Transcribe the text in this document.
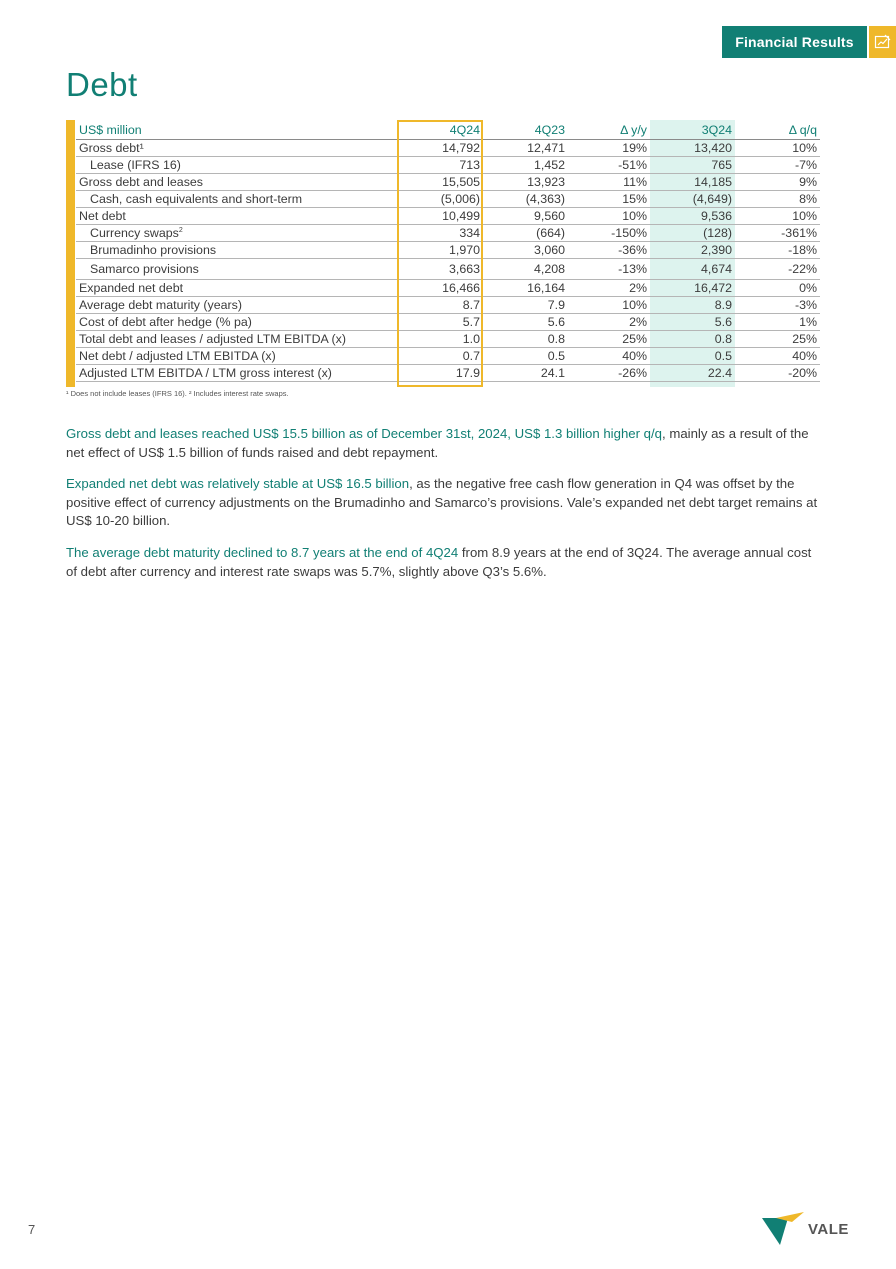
Financial Results
Debt
US$ million	4Q24	4Q23	Δ y/y	3Q24	Δ q/q
Gross debt¹	14,792	12,471	19%	13,420	10%
Lease (IFRS 16)	713	1,452	-51%	765	-7%
Gross debt and leases	15,505	13,923	11%	14,185	9%
Cash, cash equivalents and short-term	(5,006)	(4,363)	15%	(4,649)	8%
Net debt	10,499	9,560	10%	9,536	10%
Currency swaps$^2$	334	(664)	-150%	(128)	-361%
Brumadinho provisions	1,970	3,060	-36%	2,390	-18%
Samarco provisions	3,663	4,208	-13%	4,674	-22%
Expanded net debt	16,466	16,164	2%	16,472	0%
Average debt maturity (years)	8.7	7.9	10%	8.9	-3%
Cost of debt after hedge (% pa)	5.7	5.6	2%	5.6	1%
Total debt and leases / adjusted LTM EBITDA (x)	1.0	0.8	25%	0.8	25%
Net debt / adjusted LTM EBITDA (x)	0.7	0.5	40%	0.5	40%
Adjusted LTM EBITDA / LTM gross interest (x)	17.9	24.1	-26%	22.4	-20%
¹ Does not include leases (IFRS 16). ² Includes interest rate swaps.

Gross debt and leases reached US$ 15.5 billion as of December 31st, 2024, US$ 1.3 billion higher q/q, mainly as a result of the net effect of US$ 1.5 billion of funds raised and debt repayment.

Expanded net debt was relatively stable at US$ 16.5 billion, as the negative free cash flow generation in Q4 was offset by the positive effect of currency adjustments on the Brumadinho and Samarco’s provisions. Vale’s expanded net debt target remains at US$ 10-20 billion.

The average debt maturity declined to 8.7 years at the end of 4Q24 from 8.9 years at the end of 3Q24. The average annual cost of debt after currency and interest rate swaps was 5.7%, slightly above Q3’s 5.6%.

7	VALE
